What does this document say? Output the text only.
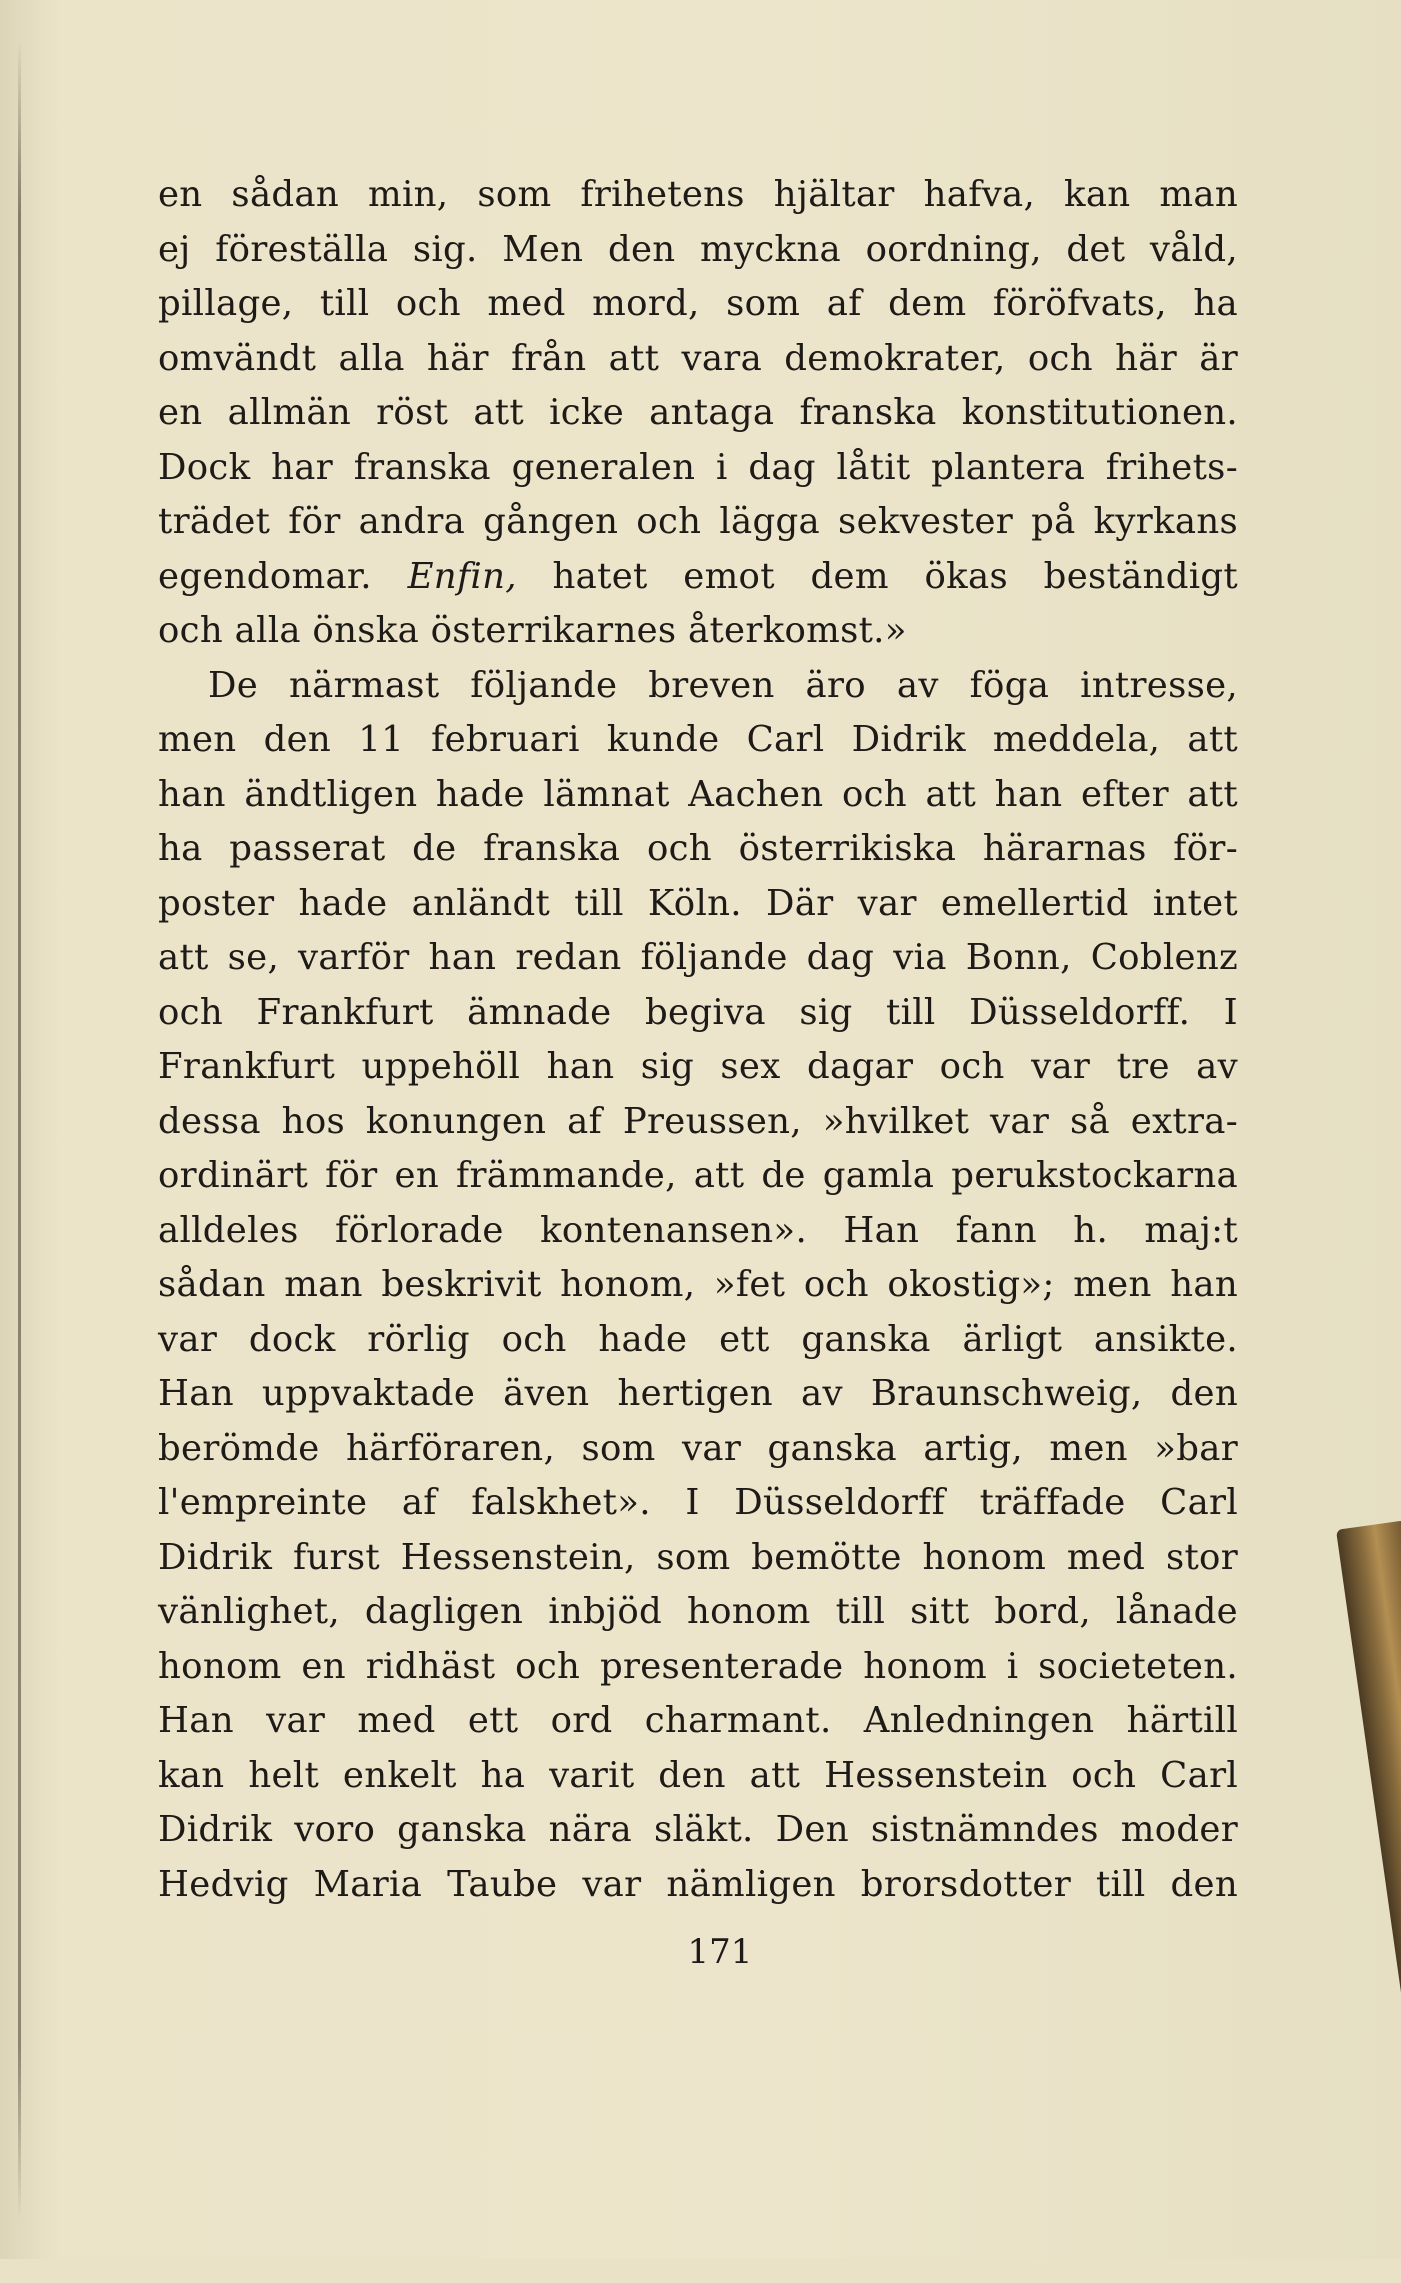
en sådan min, som frihetens hjältar hafva, kan man
ej föreställa sig. Men den myckna oordning, det våld,
pillage, till och med mord, som af dem föröfvats, ha
omvändt alla här från att vara demokrater, och här är
en allmän röst att icke antaga franska konstitutionen.
Dock har franska generalen i dag låtit plantera frihets-
trädet för andra gången och lägga sekvester på kyrkans
egendomar. Enfin, hatet emot dem ökas beständigt
och alla önska österrikarnes återkomst.»
De närmast följande breven äro av föga intresse,
men den 11 februari kunde Carl Didrik meddela, att
han ändtligen hade lämnat Aachen och att han efter att
ha passerat de franska och österrikiska härarnas för-
poster hade anländt till Köln. Där var emellertid intet
att se, varför han redan följande dag via Bonn, Coblenz
och Frankfurt ämnade begiva sig till Düsseldorff. I
Frankfurt uppehöll han sig sex dagar och var tre av
dessa hos konungen af Preussen, »hvilket var så extra-
ordinärt för en främmande, att de gamla perukstockarna
alldeles förlorade kontenansen». Han fann h. maj:t
sådan man beskrivit honom, »fet och okostig»; men han
var dock rörlig och hade ett ganska ärligt ansikte.
Han uppvaktade även hertigen av Braunschweig, den
berömde härföraren, som var ganska artig, men »bar
l'empreinte af falskhet». I Düsseldorff träffade Carl
Didrik furst Hessenstein, som bemötte honom med stor
vänlighet, dagligen inbjöd honom till sitt bord, lånade
honom en ridhäst och presenterade honom i societeten.
Han var med ett ord charmant. Anledningen härtill
kan helt enkelt ha varit den att Hessenstein och Carl
Didrik voro ganska nära släkt. Den sistnämndes moder
Hedvig Maria Taube var nämligen brorsdotter till den
171
